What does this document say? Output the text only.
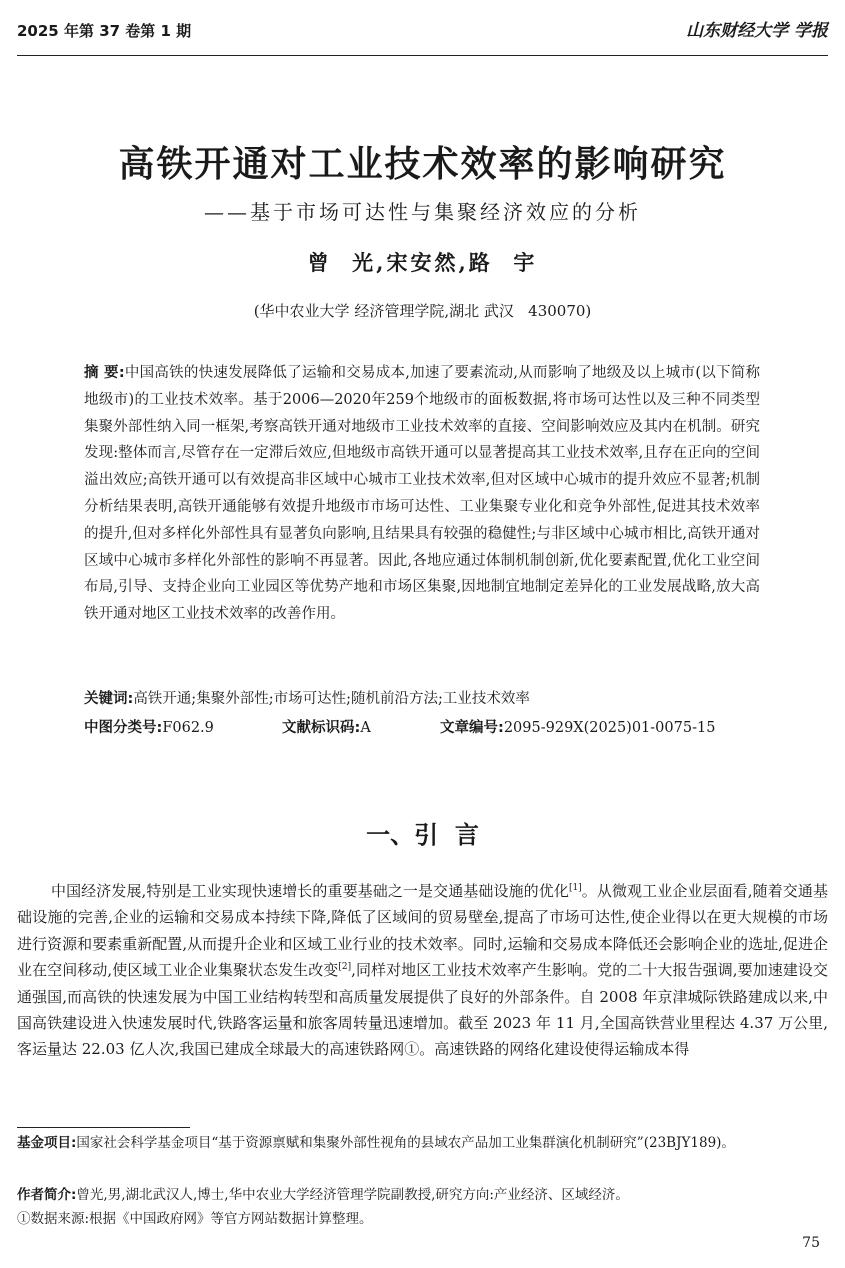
2025 年第 37 卷第 1 期	山东财经大学 学报
高铁开通对工业技术效率的影响研究
——基于市场可达性与集聚经济效应的分析
曾  光,宋安然,路  宇
(华中农业大学 经济管理学院,湖北 武汉   430070)
摘 要:中国高铁的快速发展降低了运输和交易成本,加速了要素流动,从而影响了地级及以上城市(以下简称地级市)的工业技术效率。基于2006—2020年259个地级市的面板数据,将市场可达性以及三种不同类型集聚外部性纳入同一框架,考察高铁开通对地级市工业技术效率的直接、空间影响效应及其内在机制。研究发现:整体而言,尽管存在一定滞后效应,但地级市高铁开通可以显著提高其工业技术效率,且存在正向的空间溢出效应;高铁开通可以有效提高非区域中心城市工业技术效率,但对区域中心城市的提升效应不显著;机制分析结果表明,高铁开通能够有效提升地级市市场可达性、工业集聚专业化和竞争外部性,促进其技术效率的提升,但对多样化外部性具有显著负向影响,且结果具有较强的稳健性;与非区域中心城市相比,高铁开通对区域中心城市多样化外部性的影响不再显著。因此,各地应通过体制机制创新,优化要素配置,优化工业空间布局,引导、支持企业向工业园区等优势产地和市场区集聚,因地制宜地制定差异化的工业发展战略,放大高铁开通对地区工业技术效率的改善作用。
关键词:高铁开通;集聚外部性;市场可达性;随机前沿方法;工业技术效率
中图分类号:F062.9	文献标识码:A	文章编号:2095-929X(2025)01-0075-15
一、引  言
中国经济发展,特别是工业实现快速增长的重要基础之一是交通基础设施的优化[1]。从微观工业企业层面看,随着交通基础设施的完善,企业的运输和交易成本持续下降,降低了区域间的贸易壁垒,提高了市场可达性,使企业得以在更大规模的市场进行资源和要素重新配置,从而提升企业和区域工业行业的技术效率。同时,运输和交易成本降低还会影响企业的选址,促进企业在空间移动,使区域工业企业集聚状态发生改变[2],同样对地区工业技术效率产生影响。党的二十大报告强调,要加速建设交通强国,而高铁的快速发展为中国工业结构转型和高质量发展提供了良好的外部条件。自 2008 年京津城际铁路建成以来,中国高铁建设进入快速发展时代,铁路客运量和旅客周转量迅速增加。截至 2023 年 11 月,全国高铁营业里程达 4.37 万公里,客运量达 22.03 亿人次,我国已建成全球最大的高速铁路网①。高速铁路的网络化建设使得运输成本得
基金项目:国家社会科学基金项目“基于资源禀赋和集聚外部性视角的县域农产品加工业集群演化机制研究”(23BJY189)。
作者简介:曾光,男,湖北武汉人,博士,华中农业大学经济管理学院副教授,研究方向:产业经济、区域经济。
①数据来源:根据《中国政府网》等官方网站数据计算整理。
75
